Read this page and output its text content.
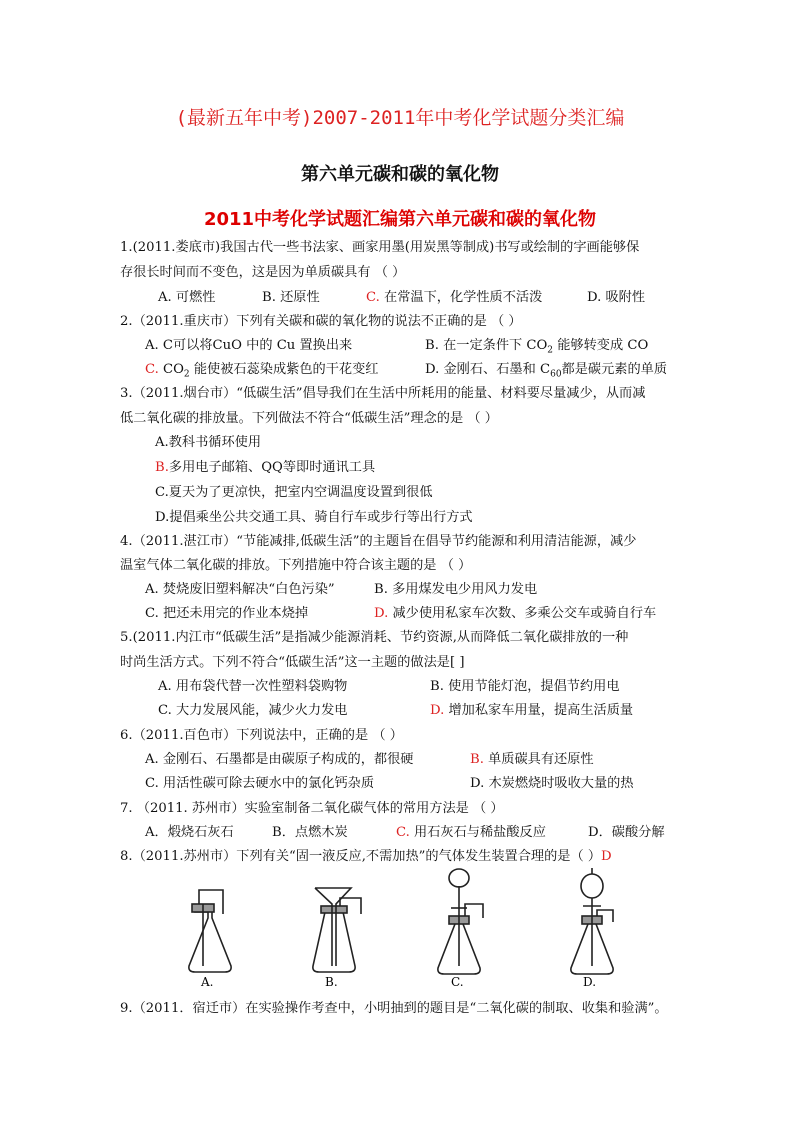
(最新五年中考)2007-2011年中考化学试题分类汇编
第六单元碳和碳的氧化物
2011中考化学试题汇编第六单元碳和碳的氧化物
1.(2011.娄底市)我国古代一些书法家、画家用墨(用炭黑等制成)书写或绘制的字画能够保
存很长时间而不变色，这是因为单质碳具有 （ ）
A. 可燃性	B. 还原性	C. 在常温下，化学性质不活泼	D. 吸附性
2.（2011.重庆市）下列有关碳和碳的氧化物的说法不正确的是 （ ）
A. C可以将CuO 中的 Cu 置换出来	B. 在一定条件下 $CO_2$ 能够转变成 CO
C. $CO_2$ 能使被石蕊染成紫色的干花变红	D. 金刚石、石墨和 $C_{60}$都是碳元素的单质
3.（2011.烟台市）“低碳生活”倡导我们在生活中所耗用的能量、材料要尽量减少，从而减
低二氧化碳的排放量。下列做法不符合“低碳生活”理念的是 （ ）
A.教科书循环使用
B.多用电子邮箱、QQ等即时通讯工具
C.夏天为了更凉快，把室内空调温度设置到很低
D.提倡乘坐公共交通工具、骑自行车或步行等出行方式
4.（2011.湛江市）“节能减排,低碳生活”的主题旨在倡导节约能源和利用清洁能源，减少
温室气体二氧化碳的排放。下列措施中符合该主题的是 （ ）
A. 焚烧废旧塑料解决“白色污染”	B. 多用煤发电少用风力发电
C. 把还未用完的作业本烧掉	D. 减少使用私家车次数、多乘公交车或骑自行车
5.(2011.内江市“低碳生活”是指减少能源消耗、节约资源,从而降低二氧化碳排放的一种
时尚生活方式。下列不符合“低碳生活”这一主题的做法是[ ]
A. 用布袋代替一次性塑料袋购物	B. 使用节能灯泡，提倡节约用电
C. 大力发展风能，减少火力发电	D. 增加私家车用量，提高生活质量
6.（2011.百色市）下列说法中，正确的是 （ ）
A. 金刚石、石墨都是由碳原子构成的，都很硬	B. 单质碳具有还原性
C. 用活性碳可除去硬水中的氯化钙杂质	D. 木炭燃烧时吸收大量的热
7. （2011. 苏州市）实验室制备二氧化碳气体的常用方法是 （ ）
A．煅烧石灰石	B．点燃木炭	C. 用石灰石与稀盐酸反应	D．碳酸分解
8.（2011.苏州市）下列有关“固一液反应,不需加热”的气体发生装置合理的是（ ）D
A.	B.	C.	D.
9.（2011．宿迁市）在实验操作考查中，小明抽到的题目是“二氧化碳的制取、收集和验满”。
